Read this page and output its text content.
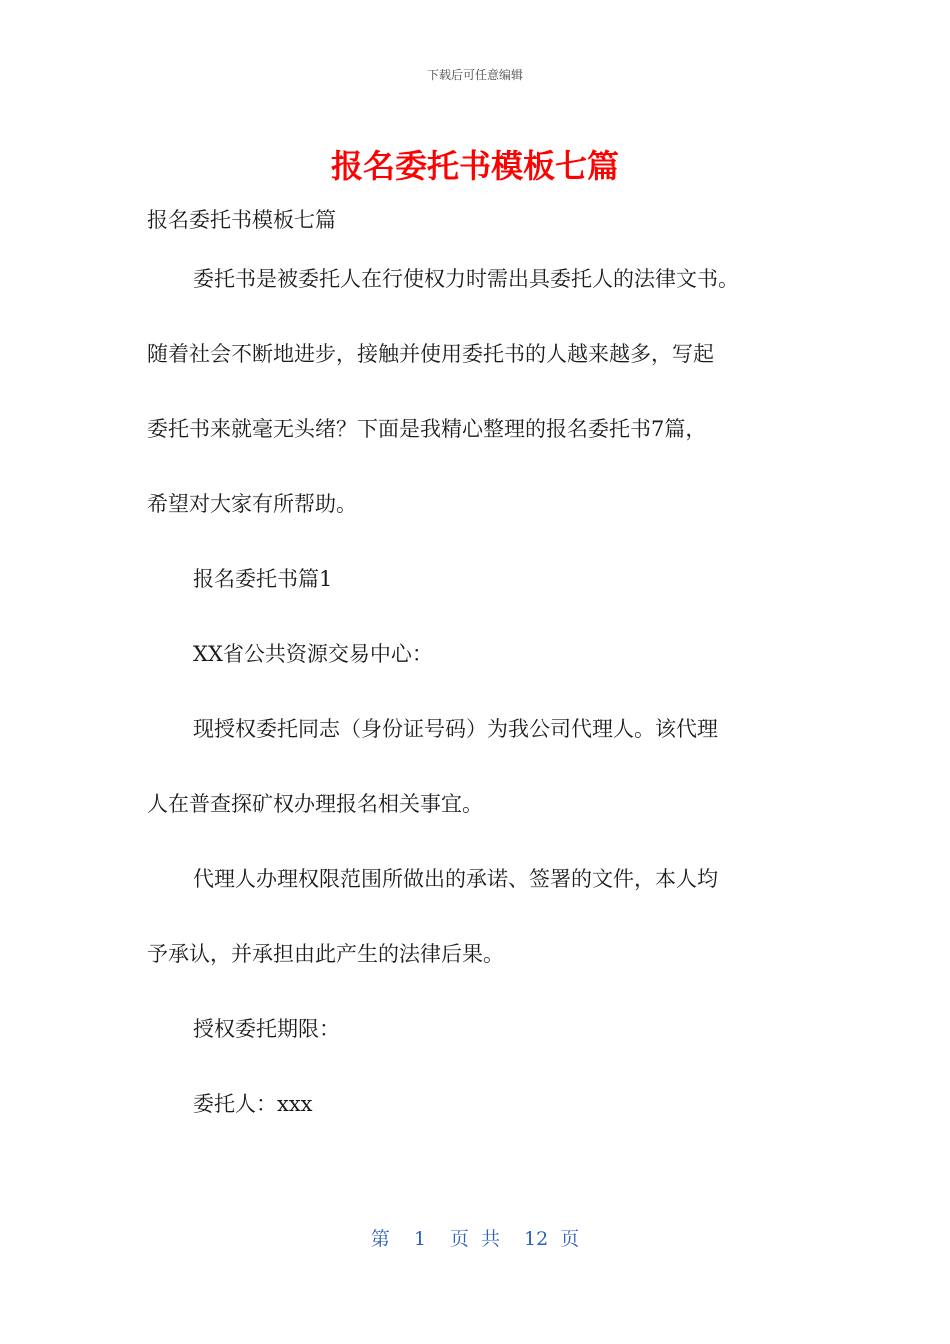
下载后可任意编辑
报名委托书模板七篇

报名委托书模板七篇

委托书是被委托人在行使权力时需出具委托人的法律文书。

随着社会不断地进步，接触并使用委托书的人越来越多，写起

委托书来就毫无头绪？下面是我精心整理的报名委托书7篇，

希望对大家有所帮助。

报名委托书篇1

XX省公共资源交易中心：

现授权委托同志（身份证号码）为我公司代理人。该代理

人在普查探矿权办理报名相关事宜。

代理人办理权限范围所做出的承诺、签署的文件，本人均

予承认，并承担由此产生的法律后果。

授权委托期限：

委托人：xxx

第 1 页 共 12 页
